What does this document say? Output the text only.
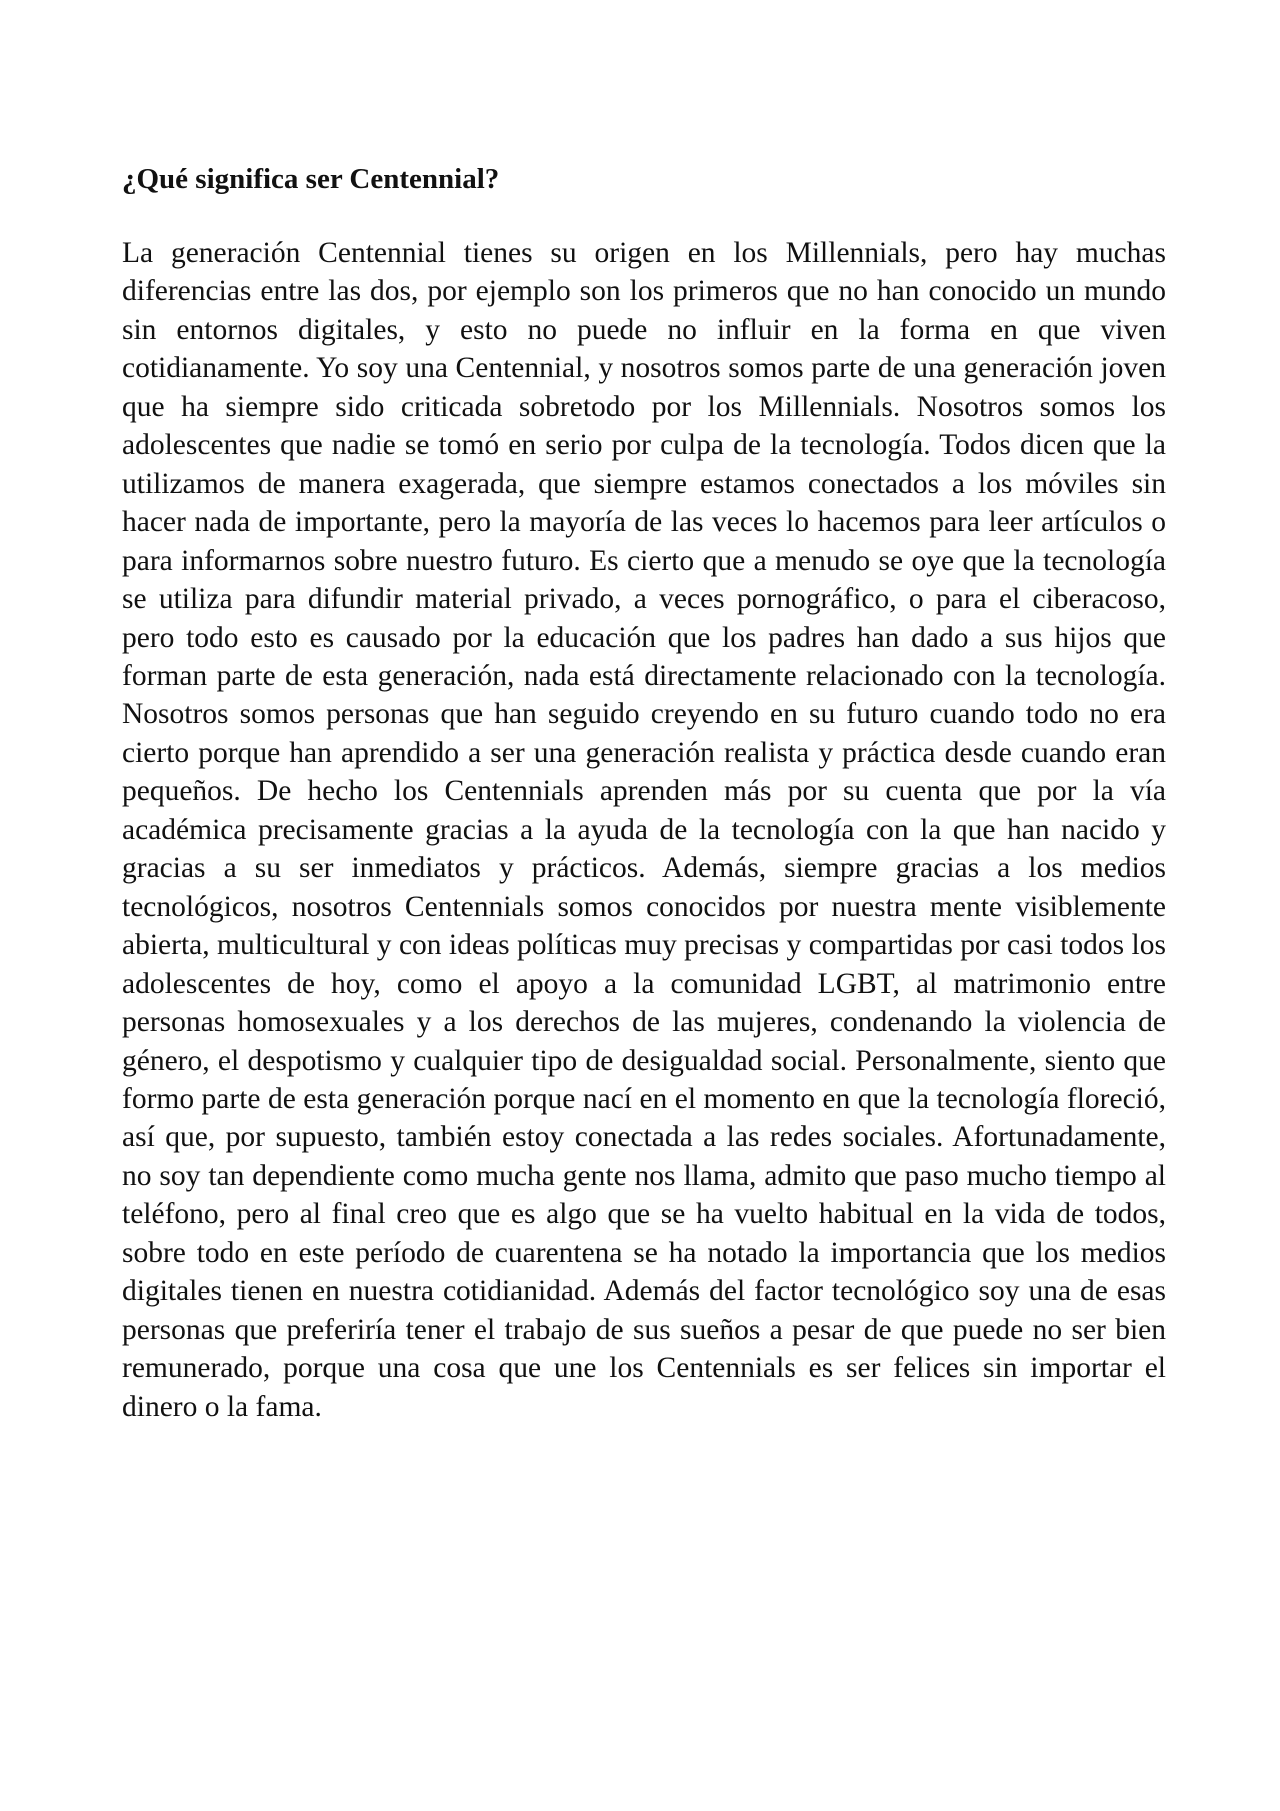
¿Qué significa ser Centennial?

La generación Centennial tienes su origen en los Millennials, pero hay muchas diferencias entre las dos, por ejemplo son los primeros que no han conocido un mundo sin entornos digitales, y esto no puede no influir en la forma en que viven cotidianamente. Yo soy una Centennial, y nosotros somos parte de una generación joven que ha siempre sido criticada sobretodo por los Millennials. Nosotros somos los adolescentes que nadie se tomó en serio por culpa de la tecnología. Todos dicen que la utilizamos de manera exagerada, que siempre estamos conectados a los móviles sin hacer nada de importante, pero la mayoría de las veces lo hacemos para leer artículos o para informarnos sobre nuestro futuro. Es cierto que a menudo se oye que la tecnología se utiliza para difundir material privado, a veces pornográfico, o para el ciberacoso, pero todo esto es causado por la educación que los padres han dado a sus hijos que forman parte de esta generación, nada está directamente relacionado con la tecnología. Nosotros somos personas que han seguido creyendo en su futuro cuando todo no era cierto porque han aprendido a ser una generación realista y práctica desde cuando eran pequeños. De hecho los Centennials aprenden más por su cuenta que por la vía académica precisamente gracias a la ayuda de la tecnología con la que han nacido y gracias a su ser inmediatos y prácticos. Además, siempre gracias a los medios tecnológicos, nosotros Centennials somos conocidos por nuestra mente visiblemente abierta, multicultural y con ideas políticas muy precisas y compartidas por casi todos los adolescentes de hoy, como el apoyo a la comunidad LGBT, al matrimonio entre personas homosexuales y a los derechos de las mujeres, condenando la violencia de género, el despotismo y cualquier tipo de desigualdad social. Personalmente, siento que formo parte de esta generación porque nací en el momento en que la tecnología floreció, así que, por supuesto, también estoy conectada a las redes sociales. Afortunadamente, no soy tan dependiente como mucha gente nos llama, admito que paso mucho tiempo al teléfono, pero al final creo que es algo que se ha vuelto habitual en la vida de todos, sobre todo en este período de cuarentena se ha notado la importancia que los medios digitales tienen en nuestra cotidianidad. Además del factor tecnológico soy una de esas personas que preferiría tener el trabajo de sus sueños a pesar de que puede no ser bien remunerado, porque una cosa que une los Centennials es ser felices sin importar el dinero o la fama.
